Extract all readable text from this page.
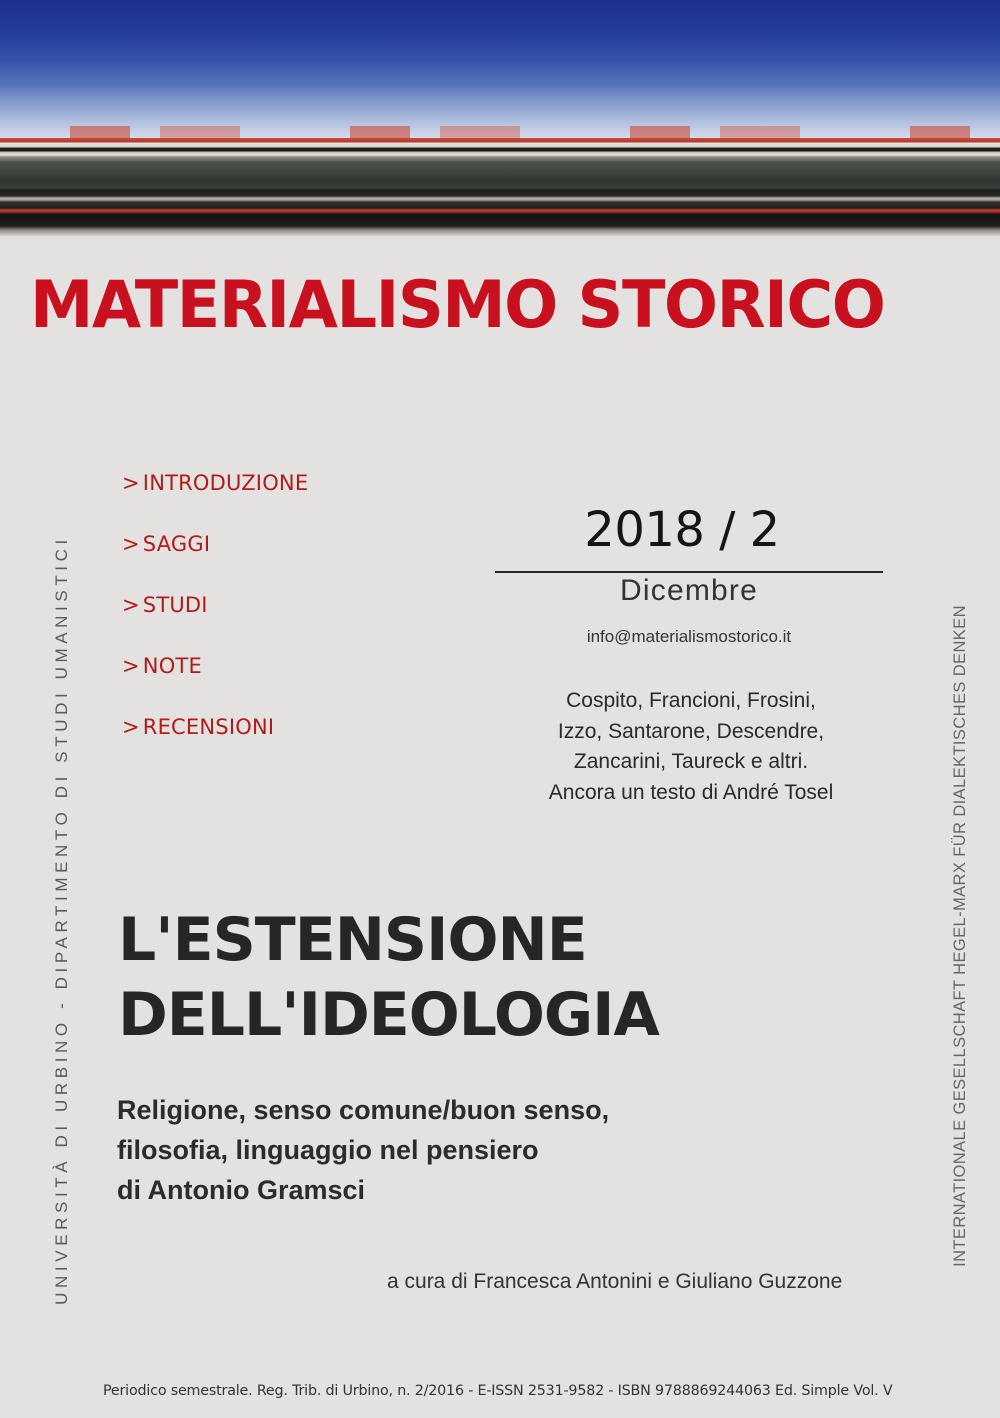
MATERIALISMO STORICO
UNIVERSITÀ DI URBINO - DIPARTIMENTO DI STUDI UMANISTICI	INTERNATIONALE GESELLSCHAFT HEGEL-MARX FÜR DIALEKTISCHES DENKEN
> INTRODUZIONE
> SAGGI
> STUDI
> NOTE
> RECENSIONI
2018 / 2
Dicembre
info@materialismostorico.it
Cospito, Francioni, Frosini,
Izzo, Santarone, Descendre,
Zancarini, Taureck e altri.
Ancora un testo di André Tosel
L'ESTENSIONE
DELL'IDEOLOGIA
Religione, senso comune/buon senso,
filosofia, linguaggio nel pensiero
di Antonio Gramsci
a cura di Francesca Antonini e Giuliano Guzzone
Periodico semestrale. Reg. Trib. di Urbino, n. 2/2016 - E-ISSN 2531-9582 - ISBN 9788869244063 Ed. Simple Vol. V
